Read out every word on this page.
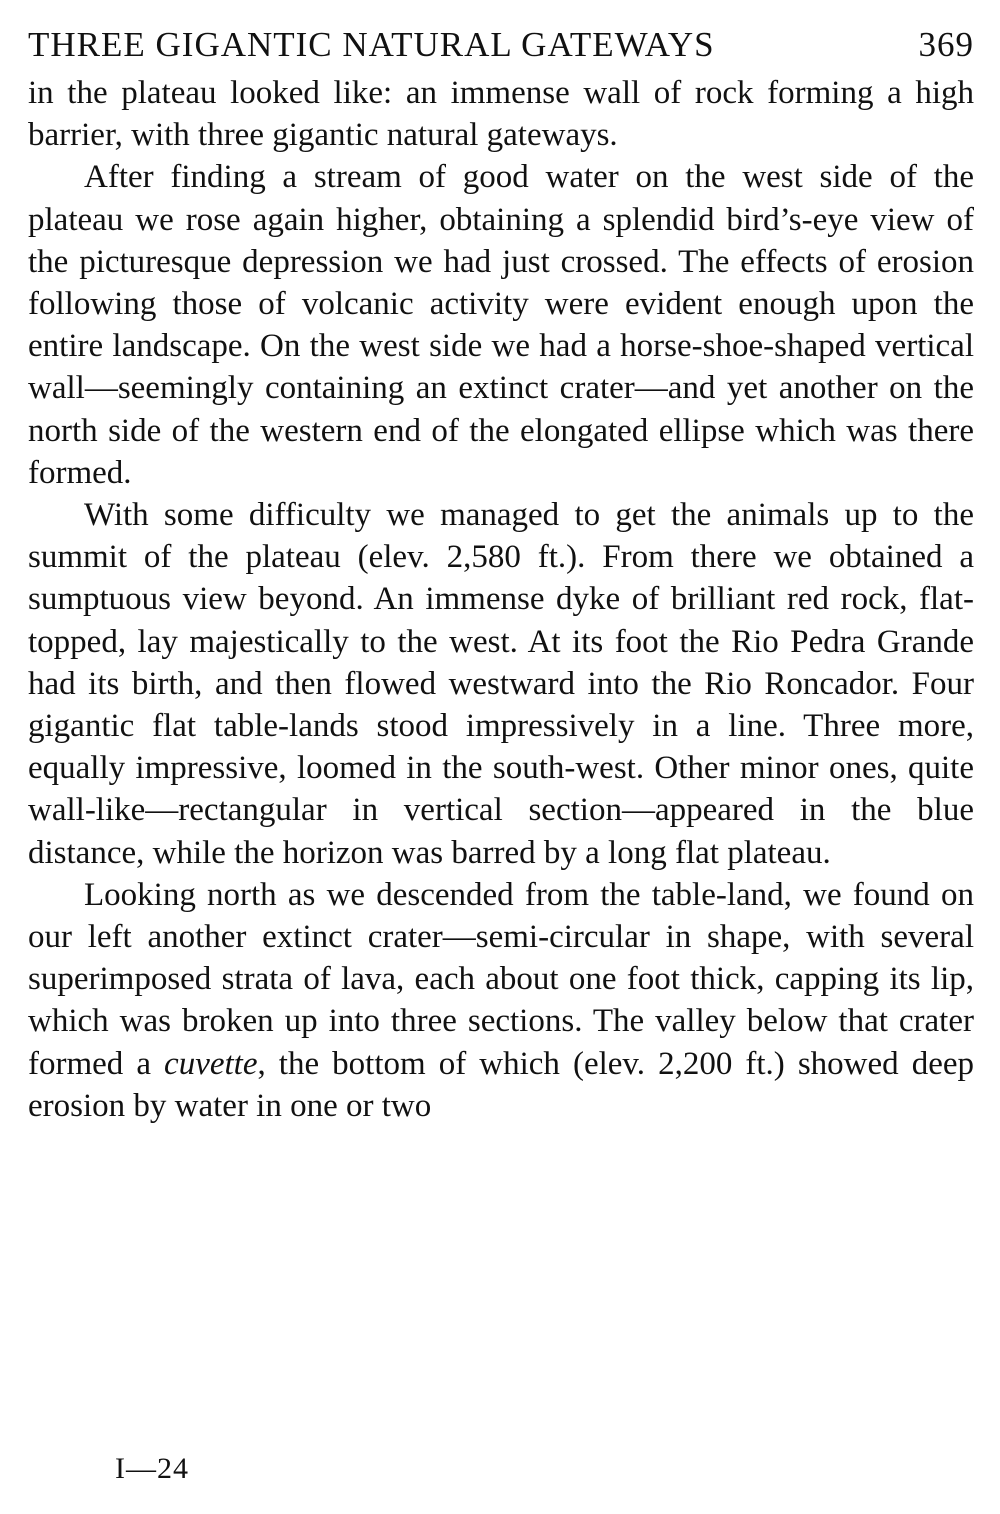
THREE GIGANTIC NATURAL GATEWAYS	369

in the plateau looked like: an immense wall of rock forming a high barrier, with three gigantic natural gateways.

After finding a stream of good water on the west side of the plateau we rose again higher, obtaining a splendid bird’s-eye view of the picturesque depression we had just crossed. The effects of erosion following those of volcanic activity were evident enough upon the entire landscape. On the west side we had a horse-shoe-shaped vertical wall—seemingly containing an extinct crater—and yet another on the north side of the western end of the elongated ellipse which was there formed.

With some difficulty we managed to get the animals up to the summit of the plateau (elev. 2,580 ft.). From there we obtained a sumptuous view beyond. An immense dyke of brilliant red rock, flat-topped, lay majestically to the west. At its foot the Rio Pedra Grande had its birth, and then flowed westward into the Rio Roncador. Four gigantic flat table-lands stood impressively in a line. Three more, equally impressive, loomed in the south-west. Other minor ones, quite wall-like—rectangular in vertical section—appeared in the blue distance, while the horizon was barred by a long flat plateau.

Looking north as we descended from the table-land, we found on our left another extinct crater—semi-circular in shape, with several superimposed strata of lava, each about one foot thick, capping its lip, which was broken up into three sections. The valley below that crater formed a cuvette, the bottom of which (elev. 2,200 ft.) showed deep erosion by water in one or two

I—24
